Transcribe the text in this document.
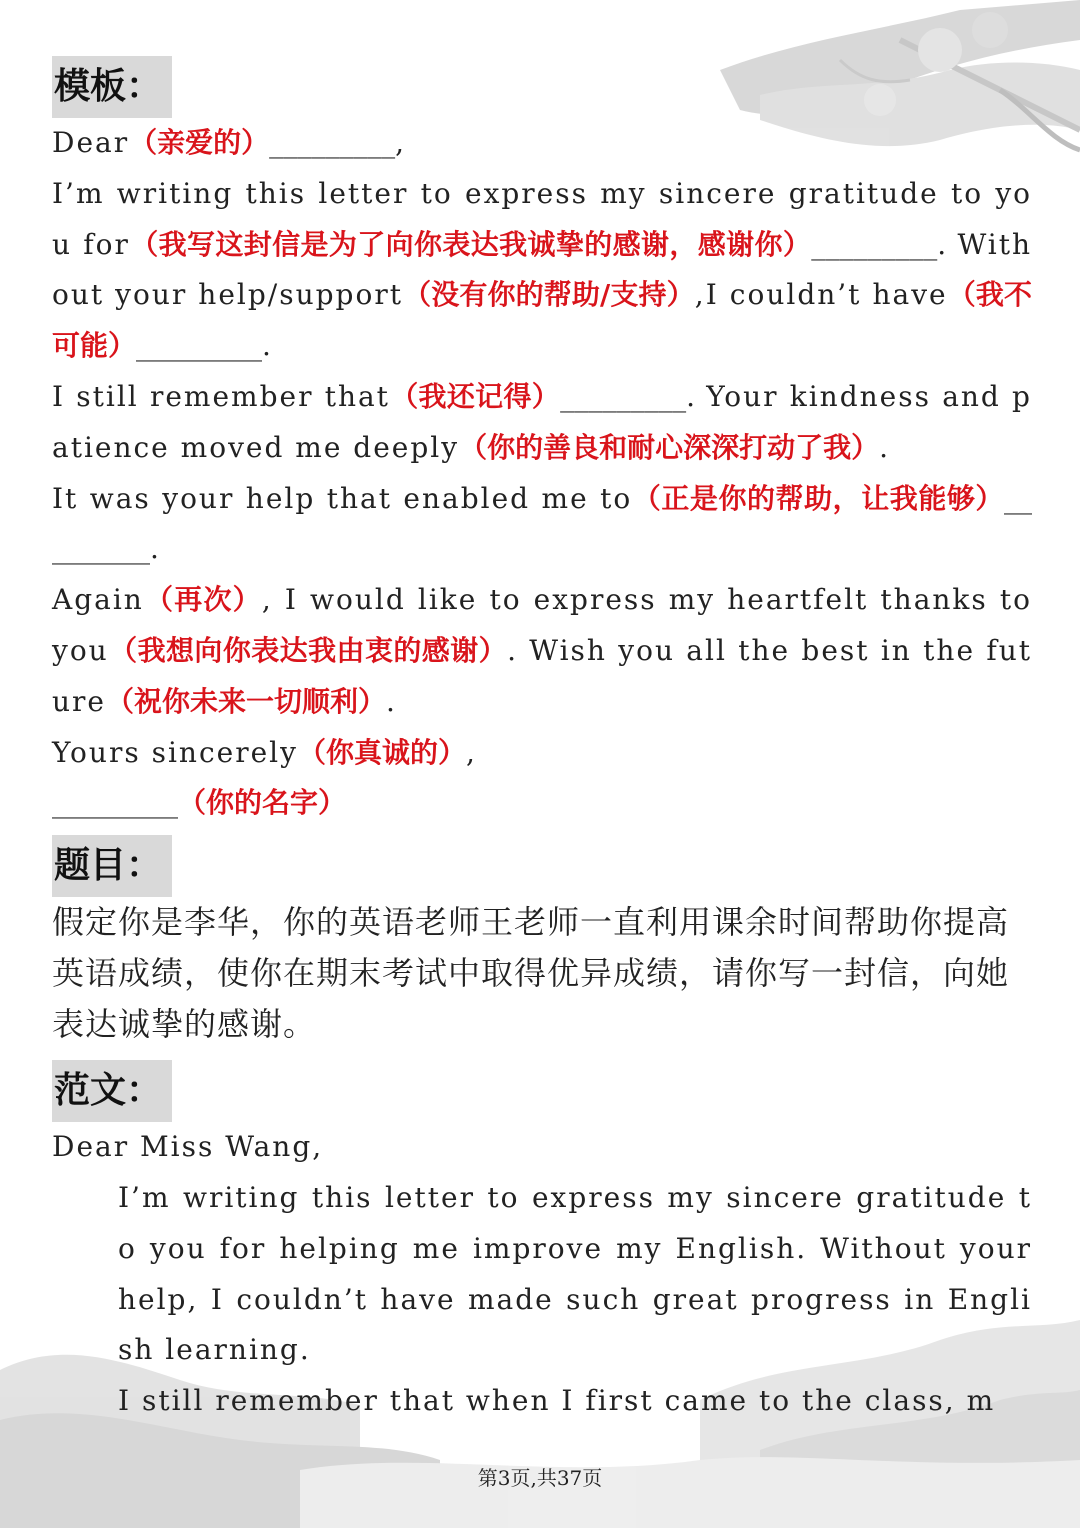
模板：

Dear（亲爱的）_________,

I’m writing this letter to express my sincere gratitude to you for（我写这封信是为了向你表达我诚挚的感谢，感谢你）_________. Without your help/support（没有你的帮助/支持）,I couldn’t have（我不可能）_________.

I still remember that（我还记得）_________. Your kindness and patience moved me deeply（你的善良和耐心深深打动了我）.

It was your help that enabled me to（正是你的帮助，让我能够）_________.

Again（再次）, I would like to express my heartfelt thanks to you（我想向你表达我由衷的感谢）. Wish you all the best in the future（祝你未来一切顺利）.

Yours sincerely（你真诚的）,

_________（你的名字）

题目：

假定你是李华，你的英语老师王老师一直利用课余时间帮助你提高英语成绩，使你在期末考试中取得优异成绩，请你写一封信，向她表达诚挚的感谢。

范文：

Dear Miss Wang,

I’m writing this letter to express my sincere gratitude to you for helping me improve my English. Without your help, I couldn’t have made such great progress in English learning.

I still remember that when I first came to the class, m

第3页,共37页
